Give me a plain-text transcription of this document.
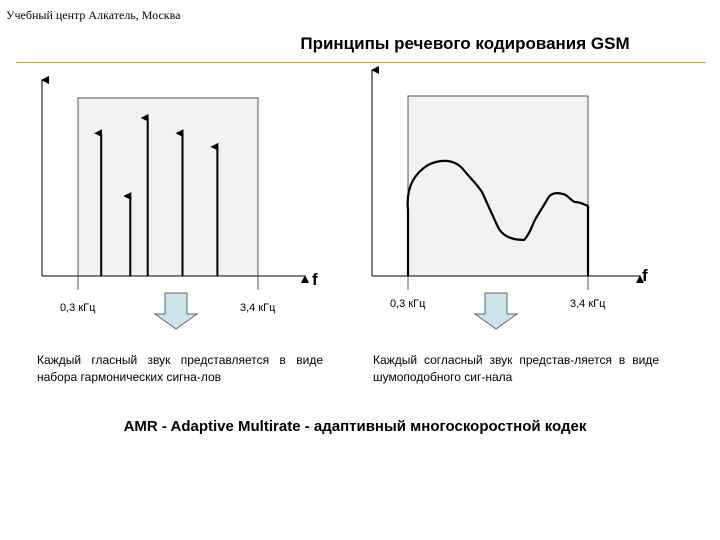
Учебный центр Алкатель, Москва
Принципы речевого кодирования GSM
f
0,3 кГц	3,4 кГц
f
0,3 кГц	3,4 кГц
Каждый гласный звук представляется в виде набора гармонических сигна-лов
Каждый согласный звук представ-ляется в виде шумоподобного сиг-нала
AMR - Adaptive Multirate - адаптивный многоскоростной кодек
